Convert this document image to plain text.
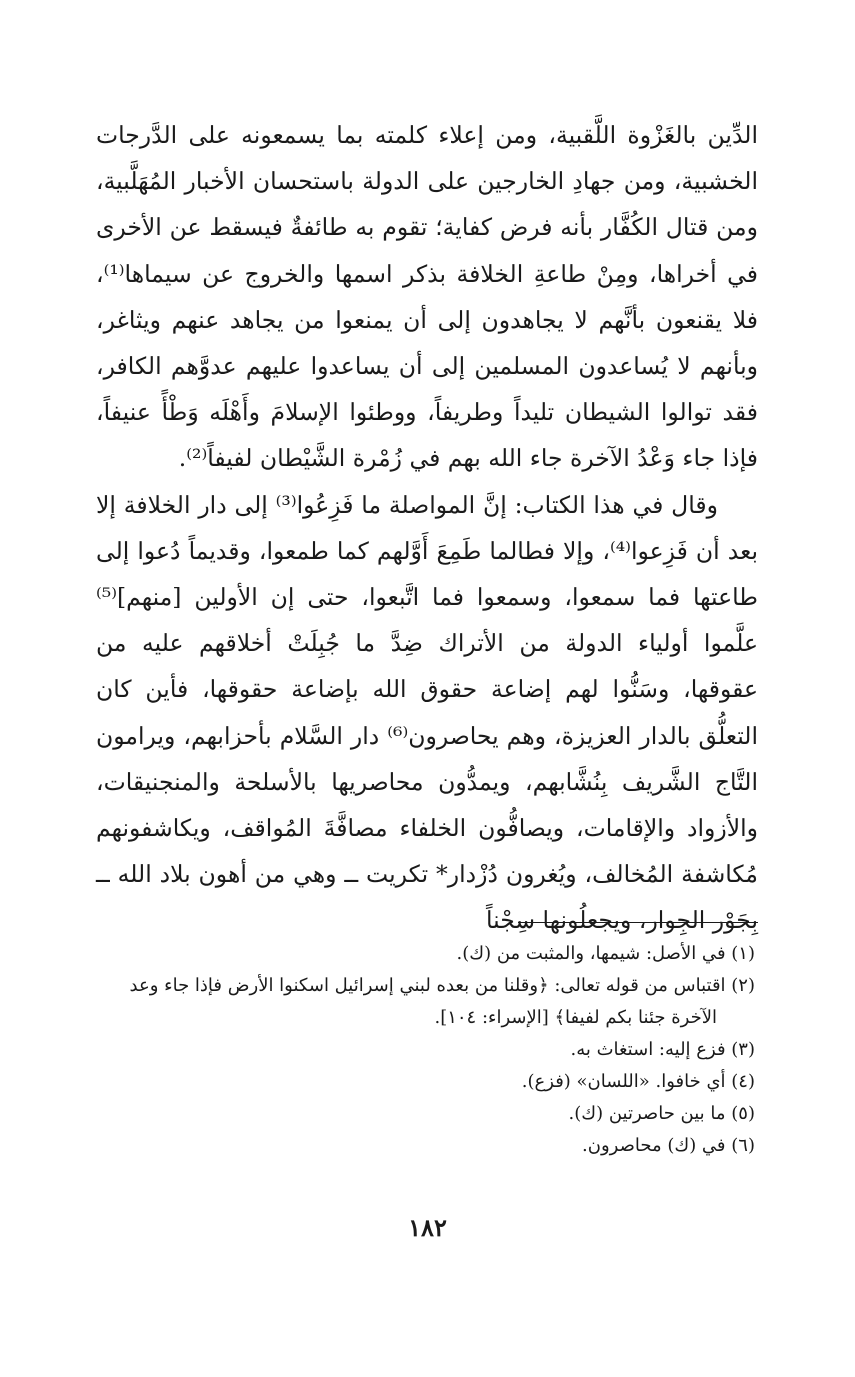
الدِّين بالغَزْوة اللَّقبية، ومن إعلاء كلمته بما يسمعونه على الدَّرجات الخشبية، ومن جهادِ الخارجين على الدولة باستحسان الأخبار المُهَلَّبية، ومن قتال الكُفَّار بأنه فرض كفاية؛ تقوم به طائفةٌ فيسقط عن الأخرى في أخراها، ومِنْ طاعةِ الخلافة بذكر اسمها والخروج عن سيماها⁽¹⁾، فلا يقنعون بأنَّهم لا يجاهدون إلى أن يمنعوا من يجاهد عنهم ويثاغر، وبأنهم لا يُساعدون المسلمين إلى أن يساعدوا عليهم عدوَّهم الكافر، فقد توالوا الشيطان تليداً وطريفاً، ووطئوا الإسلامَ وأَهْلَه وَطْأً عنيفاً، فإذا جاء وَعْدُ الآخرة جاء الله بهم في زُمْرة الشَّيْطان لفيفاً⁽²⁾.

وقال في هذا الكتاب: إنَّ المواصلة ما فَزِعُوا⁽³⁾ إلى دار الخلافة إلا بعد أن فَزِعوا⁽⁴⁾، وإلا فطالما طَمِعَ أَوَّلهم كما طمعوا، وقديماً دُعوا إلى طاعتها فما سمعوا، وسمعوا فما اتَّبعوا، حتى إن الأولين [منهم]⁽⁵⁾ علَّموا أولياء الدولة من الأتراك ضِدَّ ما جُبِلَتْ أخلاقهم عليه من عقوقها، وسَنُّوا لهم إضاعة حقوق الله بإضاعة حقوقها، فأين كان التعلُّق بالدار العزيزة، وهم يحاصرون⁽⁶⁾ دار السَّلام بأحزابهم، ويرامون التَّاج الشَّريف بِنُشَّابهم، ويمدُّون محاصريها بالأسلحة والمنجنيقات، والأزواد والإقامات، ويصافُّون الخلفاء مصافَّةَ المُواقف، ويكاشفونهم مُكاشفة المُخالف، ويُغرون دُزْدار* تكريت ــ وهي من أهون بلاد الله ــ بِجَوْر الجِوار، ويجعلُونها سِجْناً

(١) في الأصل: شيمها، والمثبت من (ك).
(٢) اقتباس من قوله تعالى: ﴿وقلنا من بعده لبني إسرائيل اسكنوا الأرض فإذا جاء وعد الآخرة جئنا بكم لفيفا﴾ [الإسراء: ١٠٤].
(٣) فزع إليه: استغاث به.
(٤) أي خافوا. «اللسان» (فزع).
(٥) ما بين حاصرتين (ك).
(٦) في (ك) محاصرون.
١٨٢
